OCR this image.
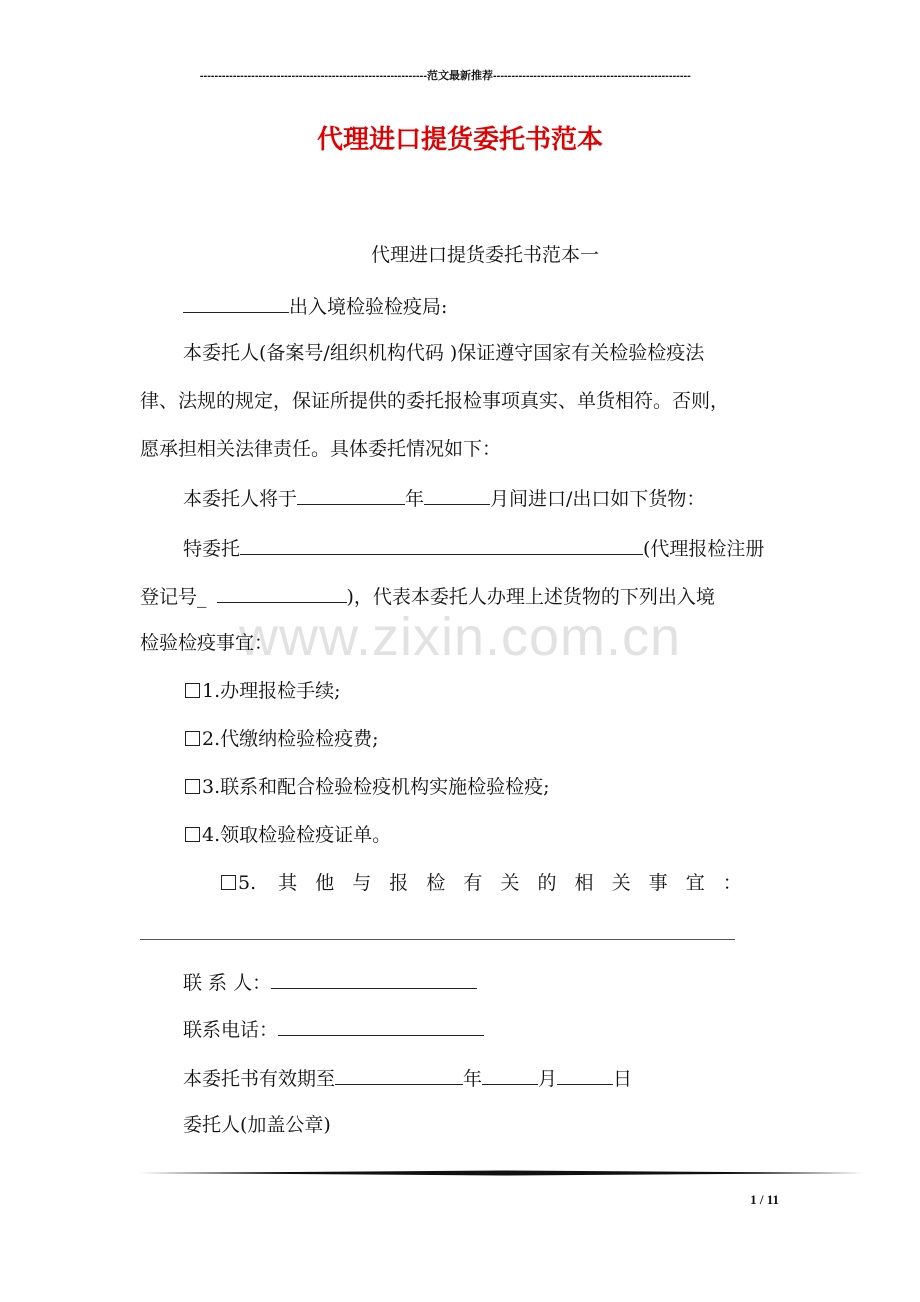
-------------------------------------------------------------- 范文最新推荐 ------------------------------------------------------
代理进口提货委托书范本
www.zixin.com.cn
代理进口提货委托书范本一
出入境检验检疫局:
本委托人(备案号/组织机构代码 )保证遵守国家有关检验检疫法
律、法规的规定，保证所提供的委托报检事项真实、单货相符。否则，
愿承担相关法律责任。具体委托情况如下：
本委托人将于	年	月间进口/出口如下货物：
特委托	(代理报检注册
登记号_	)，代表本委托人办理上述货物的下列出入境
检验检疫事宜：
1.办理报检手续;
2.代缴纳检验检疫费;
3.联系和配合检验检疫机构实施检验检疫;
4.领取检验检疫证单。
5. 其他与报检有关的相关事宜：
联 系 人：
联系电话：
本委托书有效期至	年	月	日
委托人(加盖公章)
1 / 11
